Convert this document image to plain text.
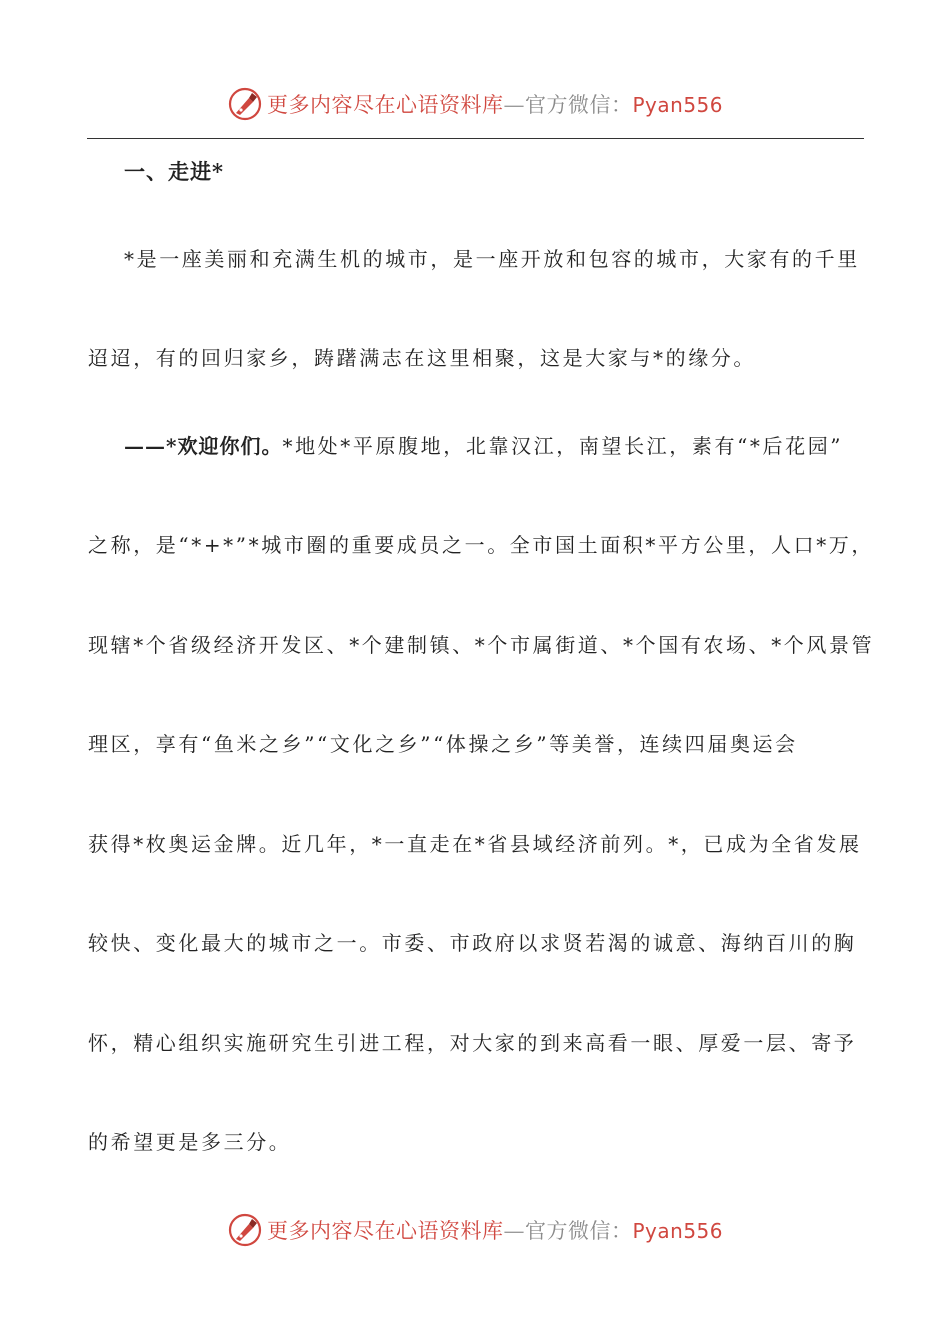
更多内容尽在心语资料库—官方微信：Pyan556
一、走进*
*是一座美丽和充满生机的城市，是一座开放和包容的城市，大家有的千里
迢迢，有的回归家乡，踌躇满志在这里相聚，这是大家与*的缘分。
——*欢迎你们。*地处*平原腹地，北靠汉江，南望长江，素有“*后花园”
之称，是“*+*”*城市圈的重要成员之一。全市国土面积*平方公里，人口*万，
现辖*个省级经济开发区、*个建制镇、*个市属街道、*个国有农场、*个风景管
理区，享有“鱼米之乡”“文化之乡”“体操之乡”等美誉，连续四届奥运会
获得*枚奥运金牌。近几年，*一直走在*省县域经济前列。*，已成为全省发展
较快、变化最大的城市之一。市委、市政府以求贤若渴的诚意、海纳百川的胸
怀，精心组织实施研究生引进工程，对大家的到来高看一眼、厚爱一层、寄予
的希望更是多三分。
更多内容尽在心语资料库—官方微信：Pyan556
